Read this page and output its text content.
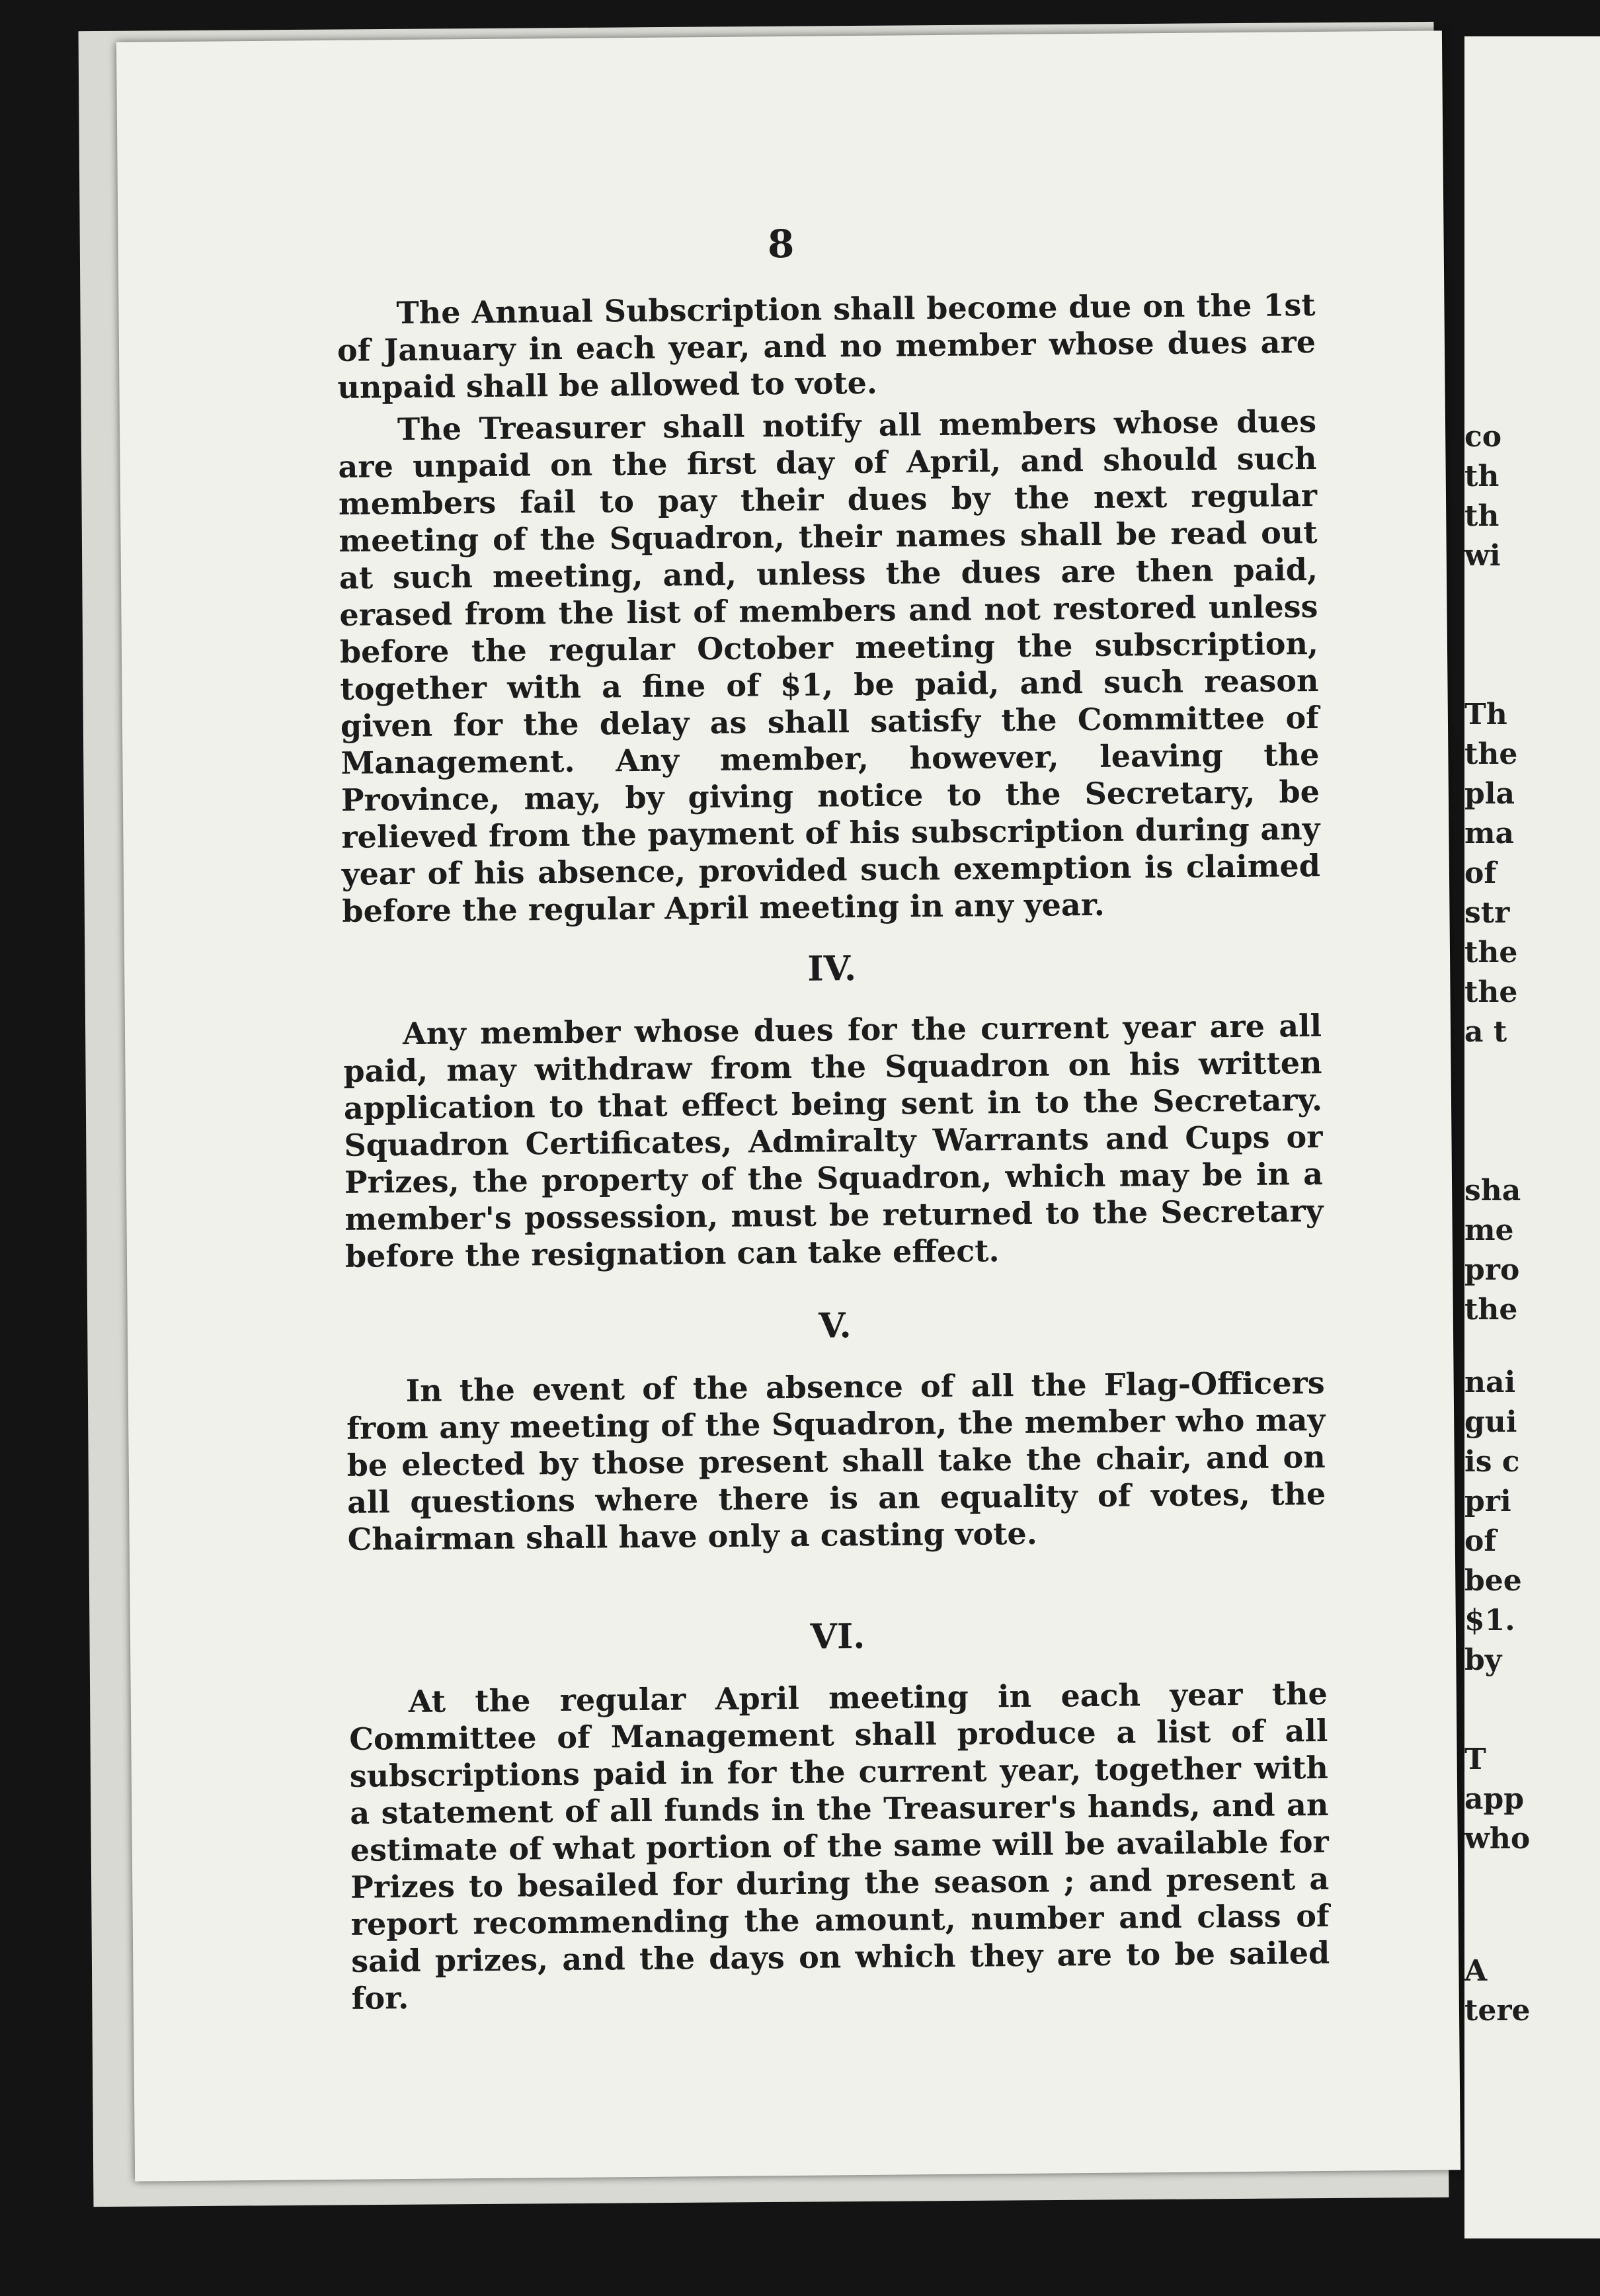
8

The Annual Subscription shall become due on the 1st of January in each year, and no member whose dues are unpaid shall be allowed to vote.

The Treasurer shall notify all members whose dues are unpaid on the first day of April, and should such members fail to pay their dues by the next regular meeting of the Squadron, their names shall be read out at such meeting, and, unless the dues are then paid, erased from the list of members and not restored unless before the regular October meeting the subscription, together with a fine of $1, be paid, and such reason given for the delay as shall satisfy the Committee of Management. Any member, however, leaving the Province, may, by giving notice to the Secretary, be relieved from the payment of his subscription during any year of his absence, provided such exemption is claimed before the regular April meeting in any year.

IV.

Any member whose dues for the current year are all paid, may withdraw from the Squadron on his written application to that effect being sent in to the Secretary. Squadron Certificates, Admiralty Warrants and Cups or Prizes, the property of the Squadron, which may be in a member's possession, must be returned to the Secretary before the resignation can take effect.

V.

In the event of the absence of all the Flag-Officers from any meeting of the Squadron, the member who may be elected by those present shall take the chair, and on all questions where there is an equality of votes, the Chairman shall have only a casting vote.

VI.

At the regular April meeting in each year the Committee of Management shall produce a list of all subscriptions paid in for the current year, together with a statement of all funds in the Treasurer's hands, and an estimate of what portion of the same will be available for Prizes to besailed for during the season ; and present a report recommending the amount, number and class of said prizes, and the days on which they are to be sailed for.

co
th
th
wi
Th
the
pla
ma
of
str
the
the
a t
sha
me
pro
the
nai
gui
is c
pri
of
bee
$1.
by
T
app
who
A
tere
